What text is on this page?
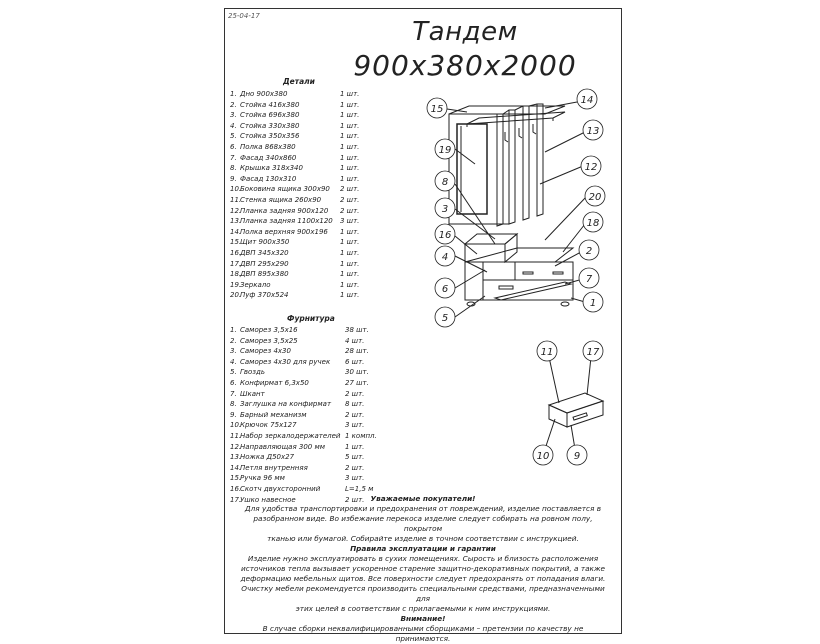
25-04-17
Тандем
900x380x2000
Детали
1. Дно 900x380	1 шт.
2. Стойка 416x380	1 шт.
3. Стойка 696x380	1 шт.
4. Стойка 330x380	1 шт.
5. Стойка 350x356	1 шт.
6. Полка 868x380	1 шт.
7. Фасад 340x860	1 шт.
8. Крышка 318x340	1 шт.
9. Фасад 130x310	1 шт.
10.Боковина ящика 300x90 2 шт.
11.Стенка ящика 260x90	2 шт.
12.Планка задняя 900x120 2 шт.
13.Планка задняя 1100x120 3 шт.
14.Полка верхняя 900x196 1 шт.
15.Щит 900x350	1 шт.
16.ДВП 345x320	1 шт.
17.ДВП 295x290	1 шт.
18.ДВП 895x380	1 шт.
19.Зеркало	1 шт.
20.Пуф 370x524	1 шт.
Фурнитура
1. Саморез 3,5x16	38 шт.
2. Саморез 3,5x25	4 шт.
3. Саморез 4x30	28 шт.
4. Саморез 4x30 для ручек 6 шт.
5. Гвоздь	30 шт.
6. Конфирмат 6,3x50	27 шт.
7. Шкант	2 шт.
8. Заглушка на конфирмат 8 шт.
9. Барный механизм	2 шт.
10.Крючок 75x127	3 шт.
11.Набор зеркалодержателей 1 компл.
12.Направляющая 300 мм	1 шт.
13.Ножка Д50x27	5 шт.
14.Петля внутренняя	2 шт.
15.Ручка 96 мм	3 шт.
16.Скотч двухсторонний	L=1,5 м
17.Ушко навесное	2 шт.
15
14
13
12
19
8
20
3
18
16
4
2
7
6
5
1
11	17
10 9
Уважаемые покупатели!
Для удобства транспортировки и предохранения от повреждений, изделие поставляется в
разобранном виде. Во избежание перекоса изделие следует собирать на ровном полу, покрытом
тканью или бумагой. Собирайте изделие в точном соответствии с инструкцией.
Правила эксплуатации и гарантии
Изделие нужно эксплуатировать в сухих помещениях. Сырость и близость расположения
источников тепла вызывает ускоренное старение защитно-декоративных покрытий, а также
деформацию мебельных щитов. Все поверхности следует предохранять от попадания влаги.
Очистку мебели рекомендуется производить специальными средствами, предназначенными для
этих целей в соответствии с прилагаемыми к ним инструкциями.
Внимание!
В случае сборки неквалифицированными сборщиками – претензии по качеству не принимаются.
